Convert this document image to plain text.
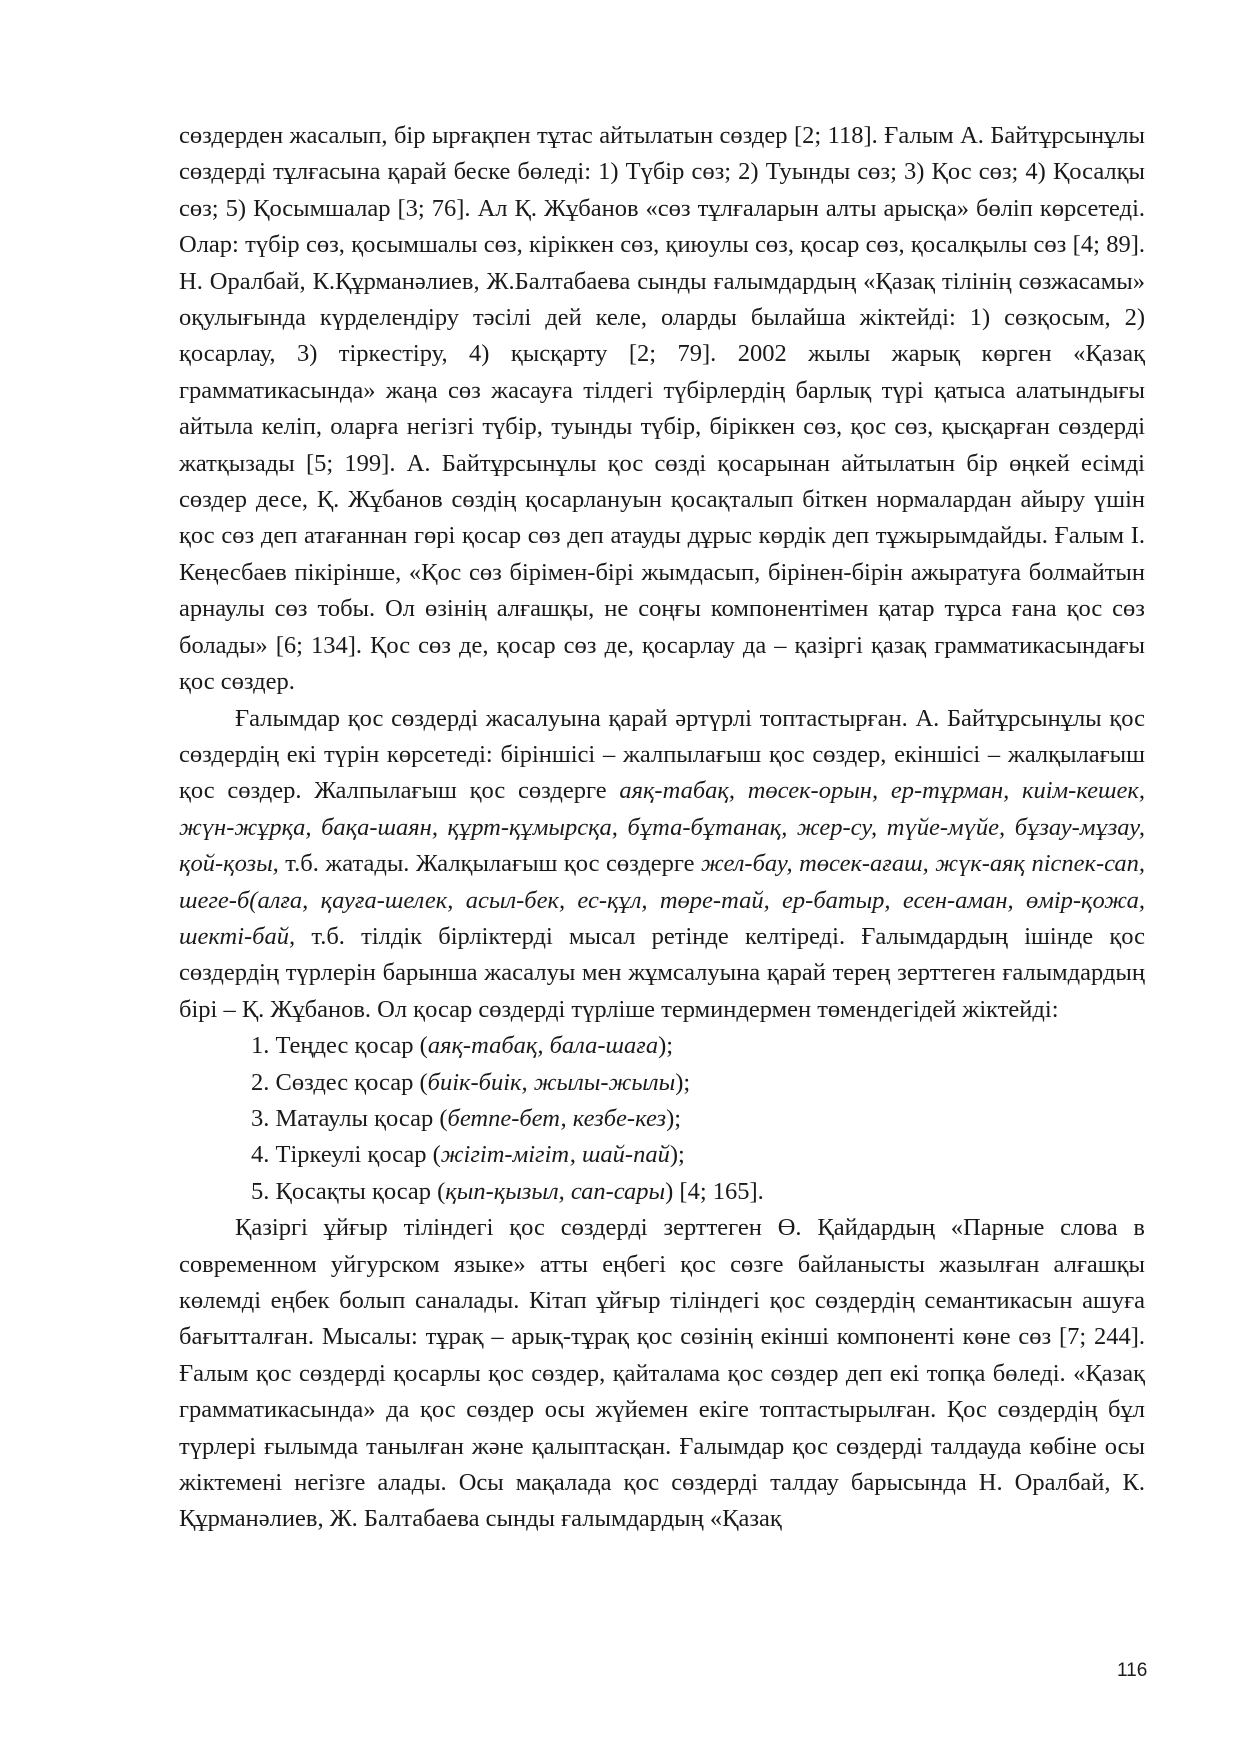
сөздерден жасалып, бір ырғақпен тұтас айтылатын сөздер [2; 118]. Ғалым А. Байтұрсынұлы сөздерді тұлғасына қарай беске бөледі: 1) Түбір сөз; 2) Туынды сөз; 3) Қос сөз; 4) Қосалқы сөз; 5) Қосымшалар [3; 76]. Ал Қ. Жұбанов «сөз тұлғаларын алты арысқа» бөліп көрсетеді. Олар: түбір сөз, қосымшалы сөз, кіріккен сөз, қиюулы сөз, қосар сөз, қосалқылы сөз [4; 89]. Н. Оралбай, К.Құрманәлиев, Ж.Балтабаева сынды ғалымдардың «Қазақ тілінің сөзжасамы» оқулығында күрделендіру тәсілі дей келе, оларды былайша жіктейді: 1) сөзқосым, 2) қосарлау, 3) тіркестіру, 4) қысқарту [2; 79]. 2002 жылы жарық көрген «Қазақ грамматикасында» жаңа сөз жасауға тілдегі түбірлердің барлық түрі қатыса алатындығы айтыла келіп, оларға негізгі түбір, туынды түбір, біріккен сөз, қос сөз, қысқарған сөздерді жатқызады [5; 199]. А. Байтұрсынұлы қос сөзді қосарынан айтылатын бір өңкей есімді сөздер десе, Қ. Жұбанов сөздің қосарлануын қосақталып біткен нормалардан айыру үшін қос сөз деп атағаннан гөрі қосар сөз деп атауды дұрыс көрдік деп тұжырымдайды. Ғалым І. Кеңесбаев пікірінше, «Қос сөз бірімен-бірі жымдасып, бірінен-бірін ажыратуға болмайтын арнаулы сөз тобы. Ол өзінің алғашқы, не соңғы компонентімен қатар тұрса ғана қос сөз болады» [6; 134]. Қос сөз де, қосар сөз де, қосарлау да – қазіргі қазақ грамматикасындағы қос сөздер.

Ғалымдар қос сөздерді жасалуына қарай әртүрлі топтастырған. А. Байтұрсынұлы қос сөздердің екі түрін көрсетеді: біріншісі – жалпылағыш қос сөздер, екіншісі – жалқылағыш қос сөздер. Жалпылағыш қос сөздерге аяқ-табақ, төсек-орын, ер-тұрман, киім-кешек, жүн-жұрқа, бақа-шаян, құрт-құмырсқа, бұта-бұтанақ, жер-су, түйе-мүйе, бұзау-мұзау, қой-қозы, т.б. жатады. Жалқылағыш қос сөздерге жел-бау, төсек-ағаш, жүк-аяқ піспек-сап, шеге-б(алға, қауға-шелек, асыл-бек, ес-құл, төре-тай, ер-батыр, есен-аман, өмір-қожа, шекті-бай, т.б. тілдік бірліктерді мысал ретінде келтіреді. Ғалымдардың ішінде қос сөздердің түрлерін барынша жасалуы мен жұмсалуына қарай терең зерттеген ғалымдардың бірі – Қ. Жұбанов. Ол қосар сөздерді түрліше терминдермен төмендегідей жіктейді:

1. Теңдес қосар (аяқ-табақ, бала-шаға);
2. Сөздес қосар (биік-биік, жылы-жылы);
3. Матаулы қосар (бетпе-бет, кезбе-кез);
4. Тіркеулі қосар (жігіт-мігіт, шай-пай);
5. Қосақты қосар (қып-қызыл, сап-сары) [4; 165].

Қазіргі ұйғыр тіліндегі қос сөздерді зерттеген Ө. Қайдардың «Парные слова в современном уйгурском языке» атты еңбегі қос сөзге байланысты жазылған алғашқы көлемді еңбек болып саналады. Кітап ұйғыр тіліндегі қос сөздердің семантикасын ашуға бағытталған. Мысалы: тұрақ – арық-тұрақ қос сөзінің екінші компоненті көне сөз [7; 244]. Ғалым қос сөздерді қосарлы қос сөздер, қайталама қос сөздер деп екі топқа бөледі. «Қазақ грамматикасында» да қос сөздер осы жүйемен екіге топтастырылған. Қос сөздердің бұл түрлері ғылымда танылған және қалыптасқан. Ғалымдар қос сөздерді талдауда көбіне осы жіктемені негізге алады. Осы мақалада қос сөздерді талдау барысында Н. Оралбай, К. Құрманәлиев, Ж. Балтабаева сынды ғалымдардың «Қазақ

116
